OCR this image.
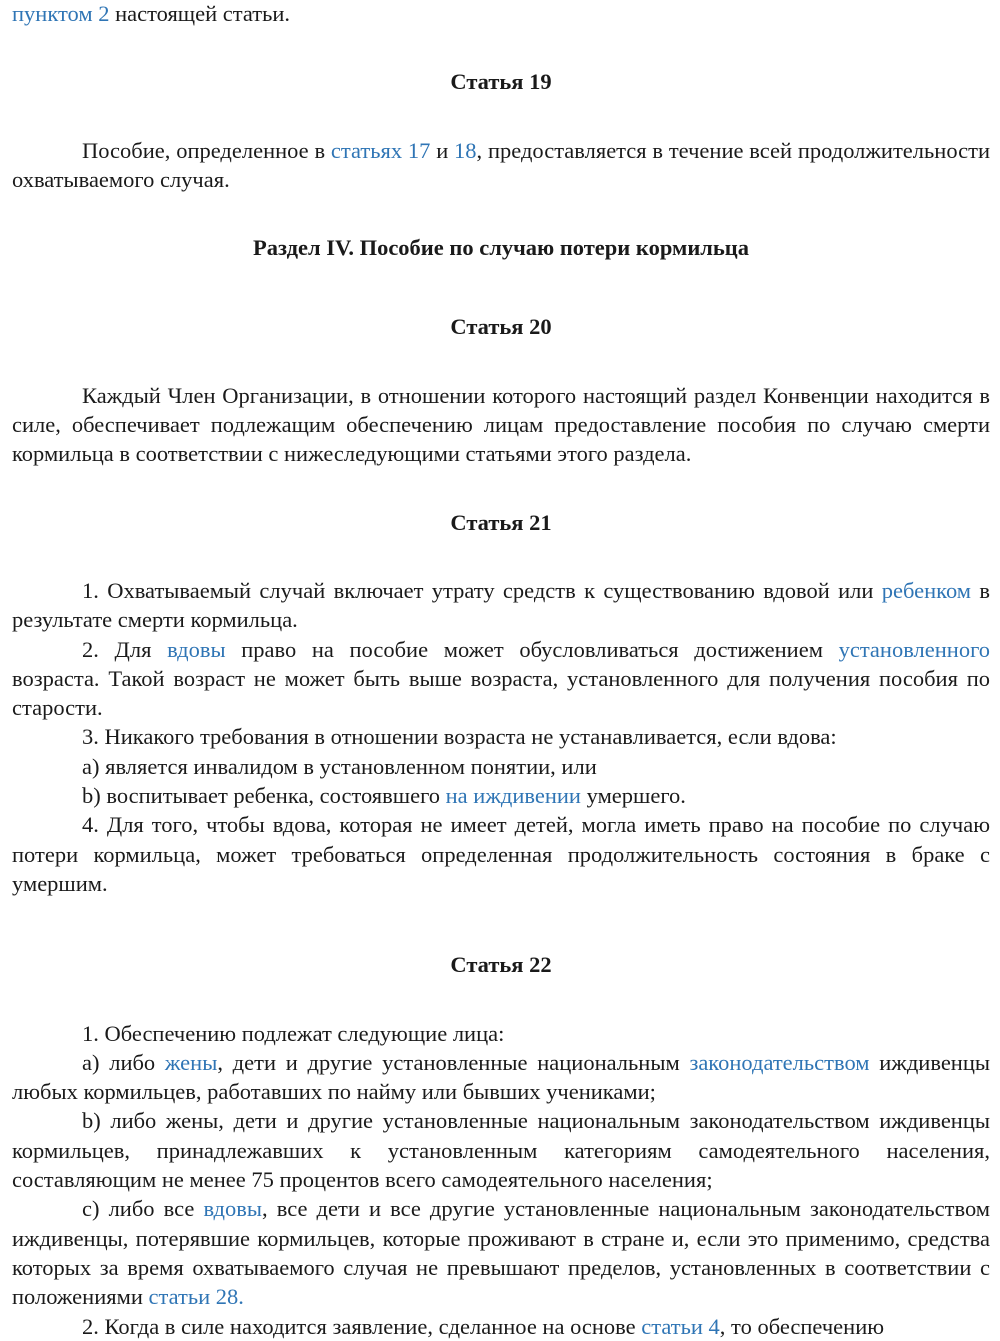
пунктом 2 настоящей статьи.

Статья 19

Пособие, определенное в статьях 17 и 18, предоставляется в течение всей продолжительности охватываемого случая.

Раздел IV. Пособие по случаю потери кормильца
Статья 20

Каждый Член Организации, в отношении которого настоящий раздел Конвенции находится в силе, обеспечивает подлежащим обеспечению лицам предоставление пособия по случаю смерти кормильца в соответствии с нижеследующими статьями этого раздела.

Статья 21

1. Охватываемый случай включает утрату средств к существованию вдовой или ребенком в результате смерти кормильца.

2. Для вдовы право на пособие может обусловливаться достижением установленного возраста. Такой возраст не может быть выше возраста, установленного для получения пособия по старости.

3. Никакого требования в отношении возраста не устанавливается, если вдова:

а) является инвалидом в установленном понятии, или

b) воспитывает ребенка, состоявшего на иждивении умершего.

4. Для того, чтобы вдова, которая не имеет детей, могла иметь право на пособие по случаю потери кормильца, может требоваться определенная продолжительность состояния в браке с умершим.

Статья 22

1. Обеспечению подлежат следующие лица:

а) либо жены, дети и другие установленные национальным законодательством иждивенцы любых кормильцев, работавших по найму или бывших учениками;

b) либо жены, дети и другие установленные национальным законодательством иждивенцы кормильцев, принадлежавших к установленным категориям самодеятельного населения, составляющим не менее 75 процентов всего самодеятельного населения;

с) либо все вдовы, все дети и все другие установленные национальным законодательством иждивенцы, потерявшие кормильцев, которые проживают в стране и, если это применимо, средства которых за время охватываемого случая не превышают пределов, установленных в соответствии с положениями статьи 28.

2. Когда в силе находится заявление, сделанное на основе статьи 4, то обеспечению
